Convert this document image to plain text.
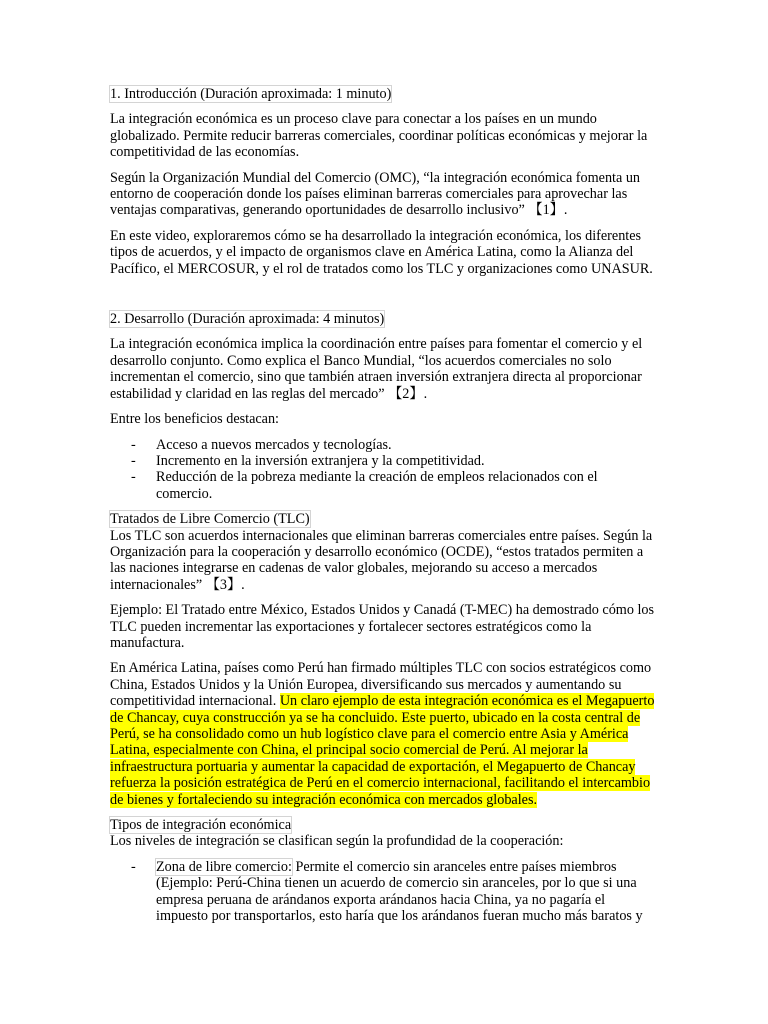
1. Introducción (Duración aproximada: 1 minuto)

La integración económica es un proceso clave para conectar a los países en un mundo globalizado. Permite reducir barreras comerciales, coordinar políticas económicas y mejorar la competitividad de las economías.

Según la Organización Mundial del Comercio (OMC), “la integración económica fomenta un entorno de cooperación donde los países eliminan barreras comerciales para aprovechar las ventajas comparativas, generando oportunidades de desarrollo inclusivo” 【1】.

En este video, exploraremos cómo se ha desarrollado la integración económica, los diferentes tipos de acuerdos, y el impacto de organismos clave en América Latina, como la Alianza del Pacífico, el MERCOSUR, y el rol de tratados como los TLC y organizaciones como UNASUR.

2. Desarrollo (Duración aproximada: 4 minutos)

La integración económica implica la coordinación entre países para fomentar el comercio y el desarrollo conjunto. Como explica el Banco Mundial, “los acuerdos comerciales no solo incrementan el comercio, sino que también atraen inversión extranjera directa al proporcionar estabilidad y claridad en las reglas del mercado” 【2】.

Entre los beneficios destacan:

- Acceso a nuevos mercados y tecnologías.
- Incremento en la inversión extranjera y la competitividad.
- Reducción de la pobreza mediante la creación de empleos relacionados con el comercio.

Tratados de Libre Comercio (TLC)

Los TLC son acuerdos internacionales que eliminan barreras comerciales entre países. Según la Organización para la cooperación y desarrollo económico (OCDE), “estos tratados permiten a las naciones integrarse en cadenas de valor globales, mejorando su acceso a mercados internacionales” 【3】.

Ejemplo: El Tratado entre México, Estados Unidos y Canadá (T-MEC) ha demostrado cómo los TLC pueden incrementar las exportaciones y fortalecer sectores estratégicos como la manufactura.

En América Latina, países como Perú han firmado múltiples TLC con socios estratégicos como China, Estados Unidos y la Unión Europea, diversificando sus mercados y aumentando su competitividad internacional. Un claro ejemplo de esta integración económica es el Megapuerto de Chancay, cuya construcción ya se ha concluido. Este puerto, ubicado en la costa central de Perú, se ha consolidado como un hub logístico clave para el comercio entre Asia y América Latina, especialmente con China, el principal socio comercial de Perú. Al mejorar la infraestructura portuaria y aumentar la capacidad de exportación, el Megapuerto de Chancay refuerza la posición estratégica de Perú en el comercio internacional, facilitando el intercambio de bienes y fortaleciendo su integración económica con mercados globales.

Tipos de integración económica

Los niveles de integración se clasifican según la profundidad de la cooperación:

- Zona de libre comercio: Permite el comercio sin aranceles entre países miembros (Ejemplo: Perú-China tienen un acuerdo de comercio sin aranceles, por lo que si una empresa peruana de arándanos exporta arándanos hacia China, ya no pagaría el impuesto por transportarlos, esto haría que los arándanos fueran mucho más baratos y
